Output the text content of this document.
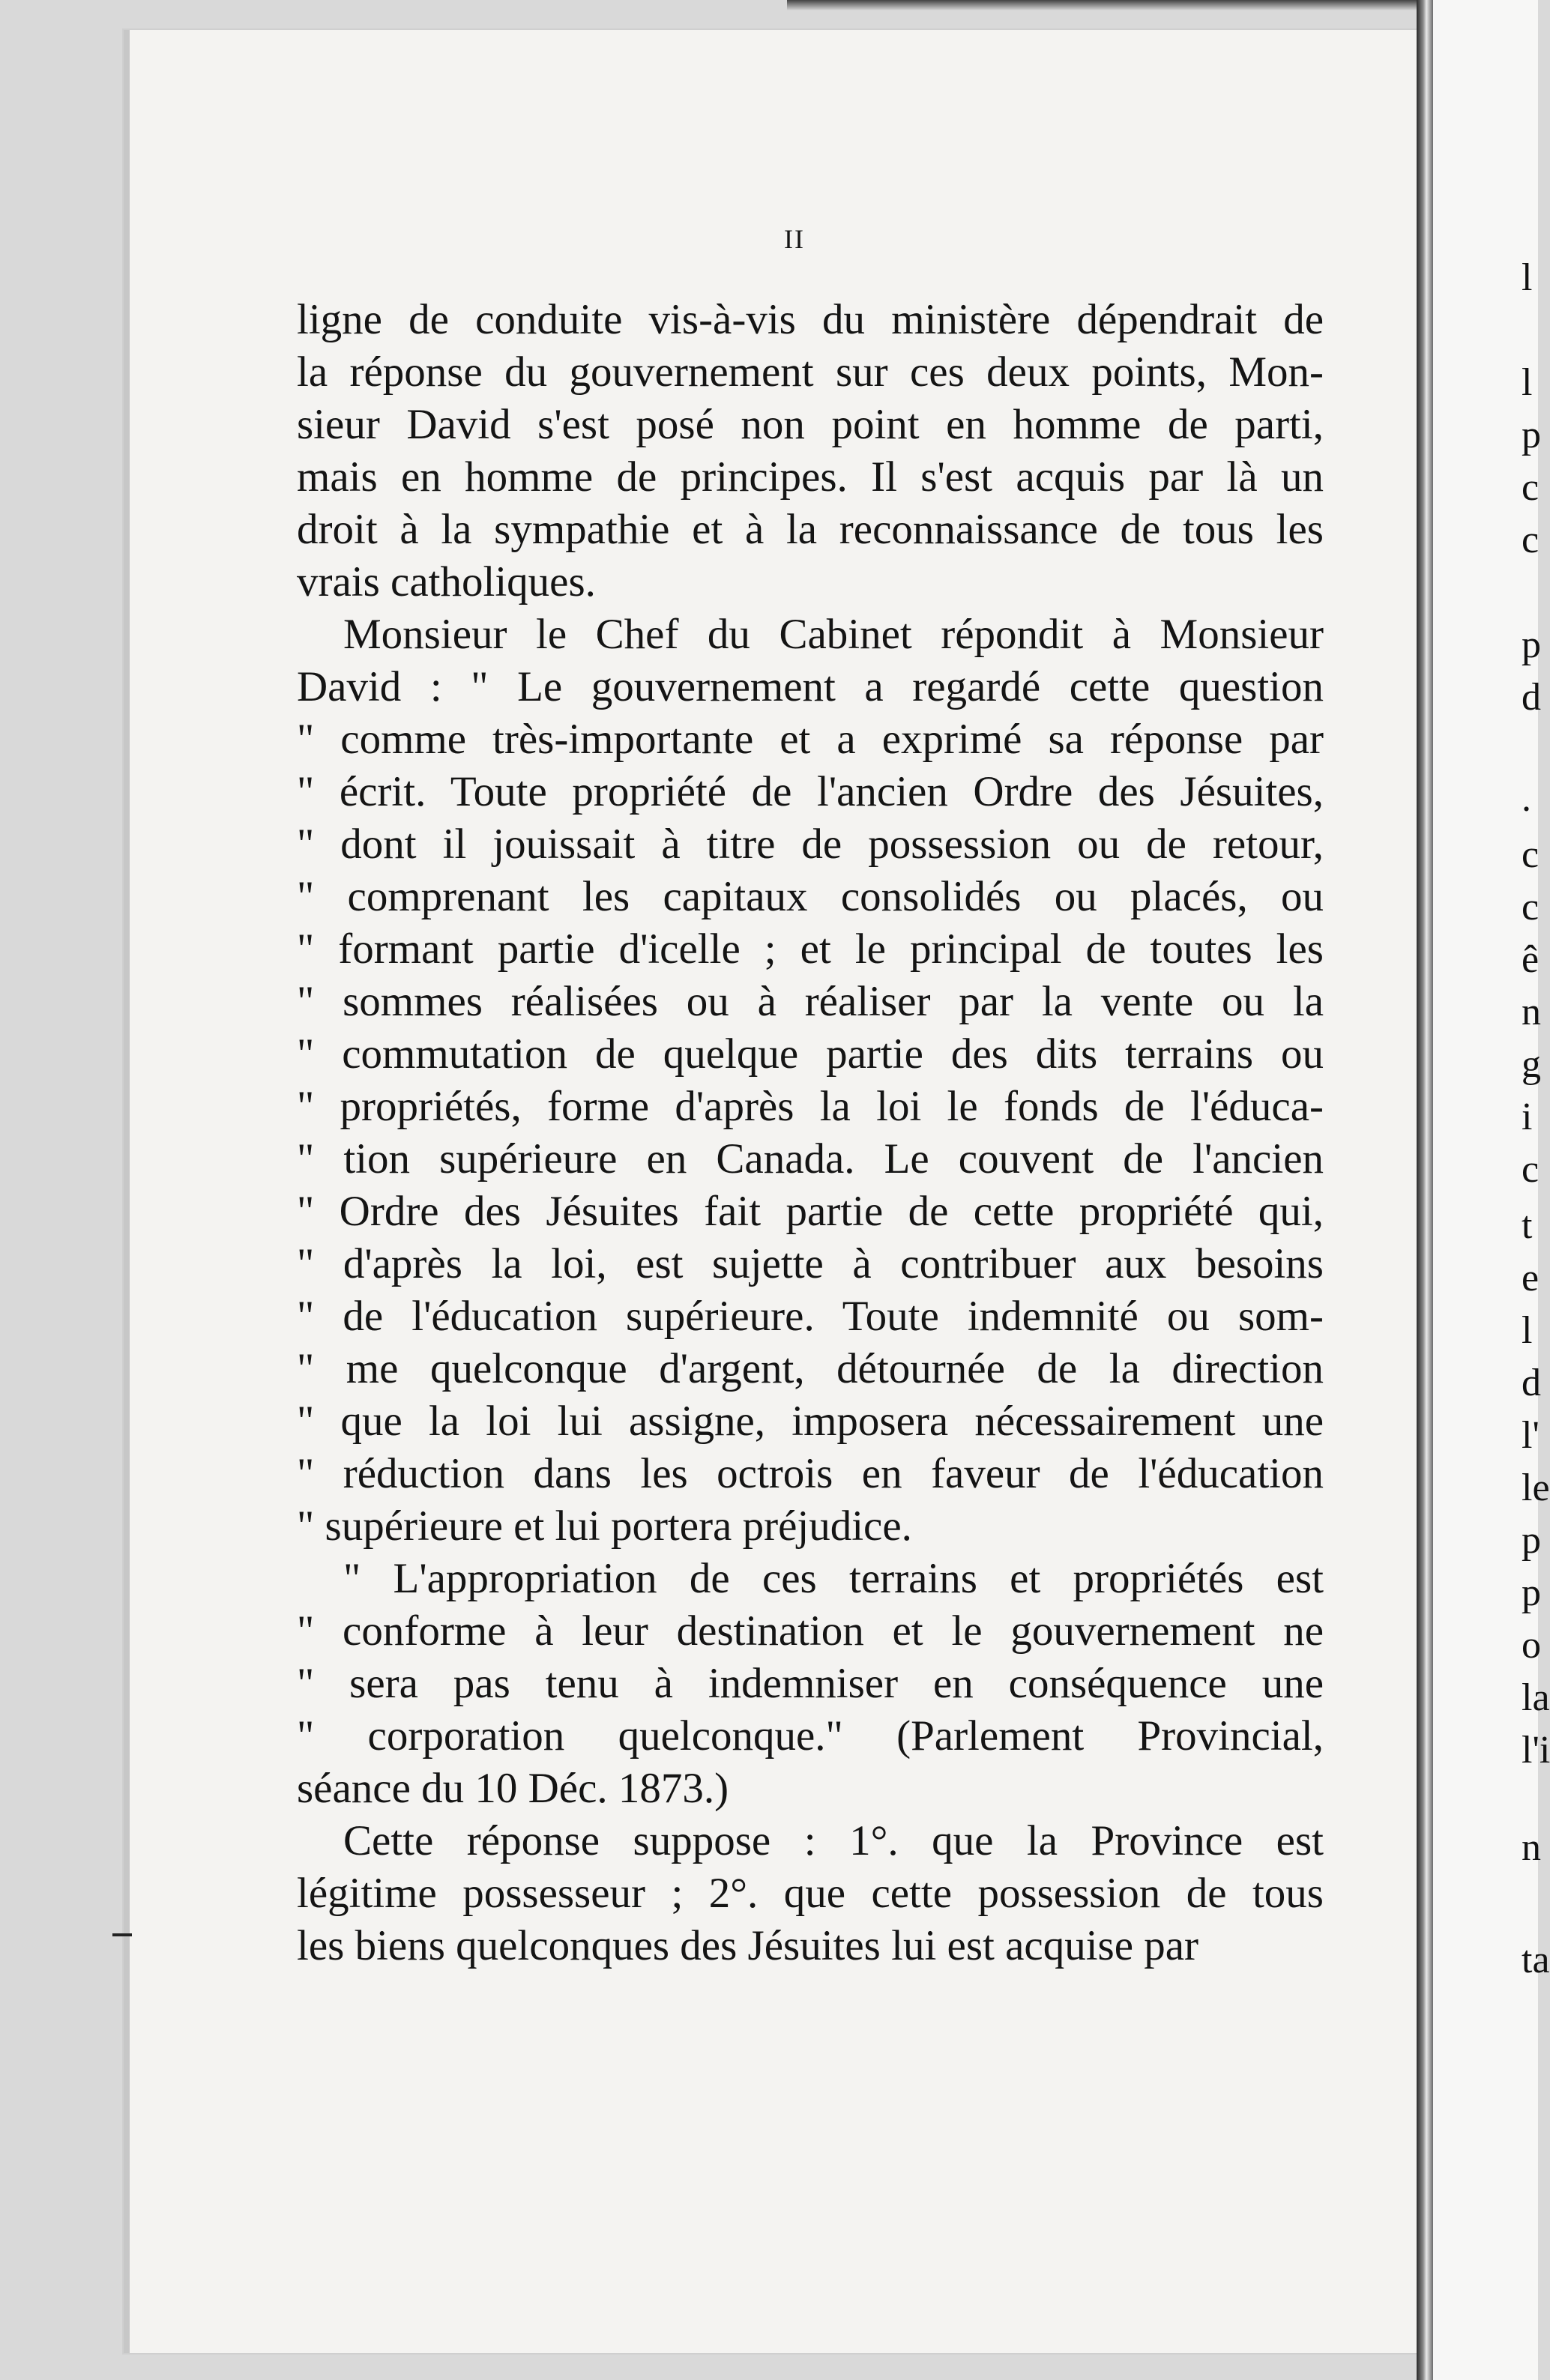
l
l
p
c
c
p
d
.
c
c
ê
n
g
i
c
t
e
l
d
l'
le
p
p
o
la
l'i
n
ta
II
ligne de conduite vis-à-vis du ministère dépendrait de
la réponse du gouvernement sur ces deux points, Mon-
sieur David s'est posé non point en homme de parti,
mais en homme de principes. Il s'est acquis par là un
droit à la sympathie et à la reconnaissance de tous les
vrais catholiques.
Monsieur le Chef du Cabinet répondit à Monsieur
David : " Le gouvernement a regardé cette question
" comme très-importante et a exprimé sa réponse par
" écrit. Toute propriété de l'ancien Ordre des Jésuites,
" dont il jouissait à titre de possession ou de retour,
" comprenant les capitaux consolidés ou placés, ou
" formant partie d'icelle ; et le principal de toutes les
" sommes réalisées ou à réaliser par la vente ou la
" commutation de quelque partie des dits terrains ou
" propriétés, forme d'après la loi le fonds de l'éduca-
" tion supérieure en Canada. Le couvent de l'ancien
" Ordre des Jésuites fait partie de cette propriété qui,
" d'après la loi, est sujette à contribuer aux besoins
" de l'éducation supérieure. Toute indemnité ou som-
" me quelconque d'argent, détournée de la direction
" que la loi lui assigne, imposera nécessairement une
" réduction dans les octrois en faveur de l'éducation
" supérieure et lui portera préjudice.
" L'appropriation de ces terrains et propriétés est
" conforme à leur destination et le gouvernement ne
" sera pas tenu à indemniser en conséquence une
" corporation quelconque." (Parlement Provincial,
séance du 10 Déc. 1873.)
Cette réponse suppose : 1°. que la Province est
légitime possesseur ; 2°. que cette possession de tous
les biens quelconques des Jésuites lui est acquise par
